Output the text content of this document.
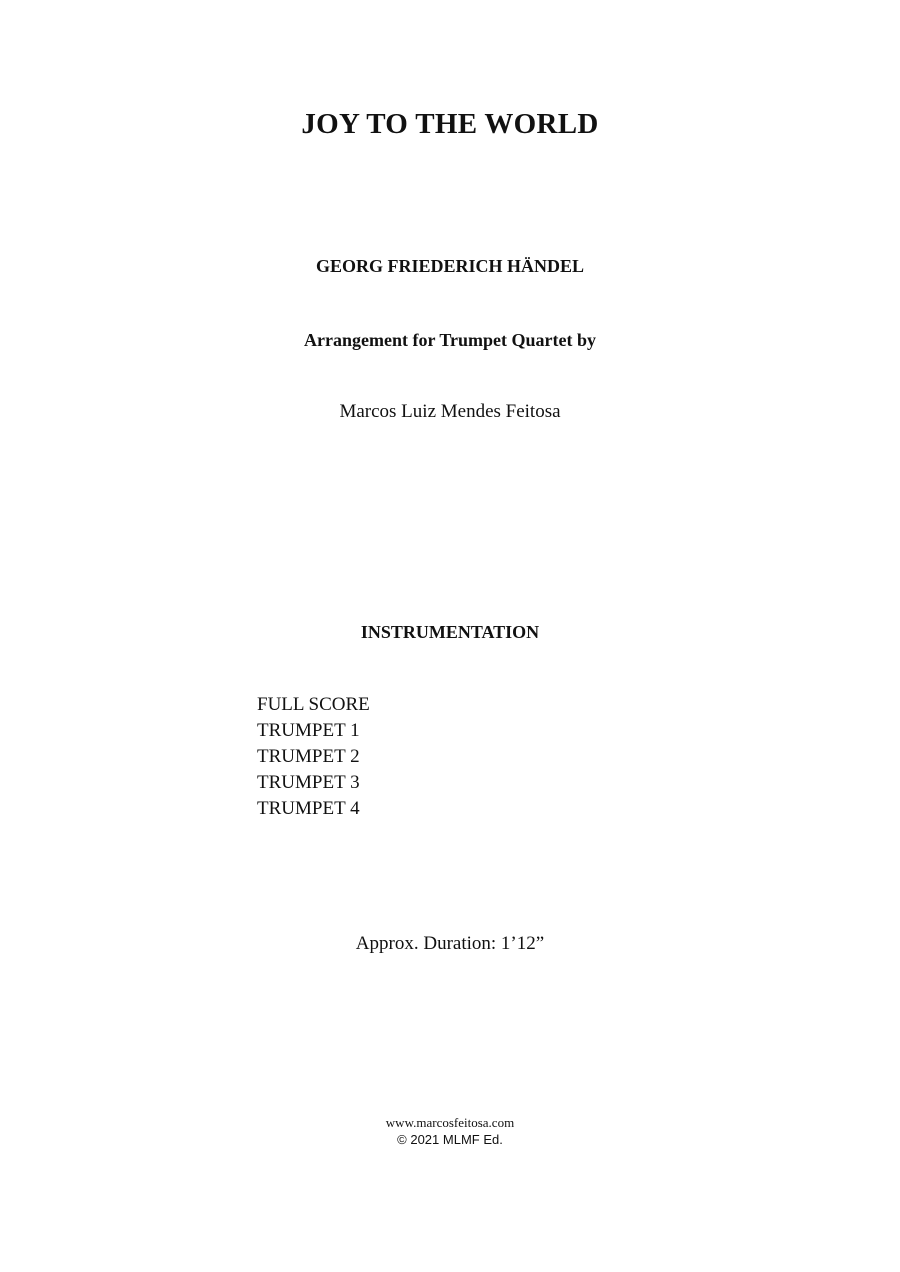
JOY TO THE WORLD
GEORG FRIEDERICH HÄNDEL
Arrangement for Trumpet Quartet by
Marcos Luiz Mendes Feitosa
INSTRUMENTATION
FULL SCORE
TRUMPET 1
TRUMPET 2
TRUMPET 3
TRUMPET 4
Approx. Duration: 1’12”
www.marcosfeitosa.com
© 2021 MLMF Ed.
